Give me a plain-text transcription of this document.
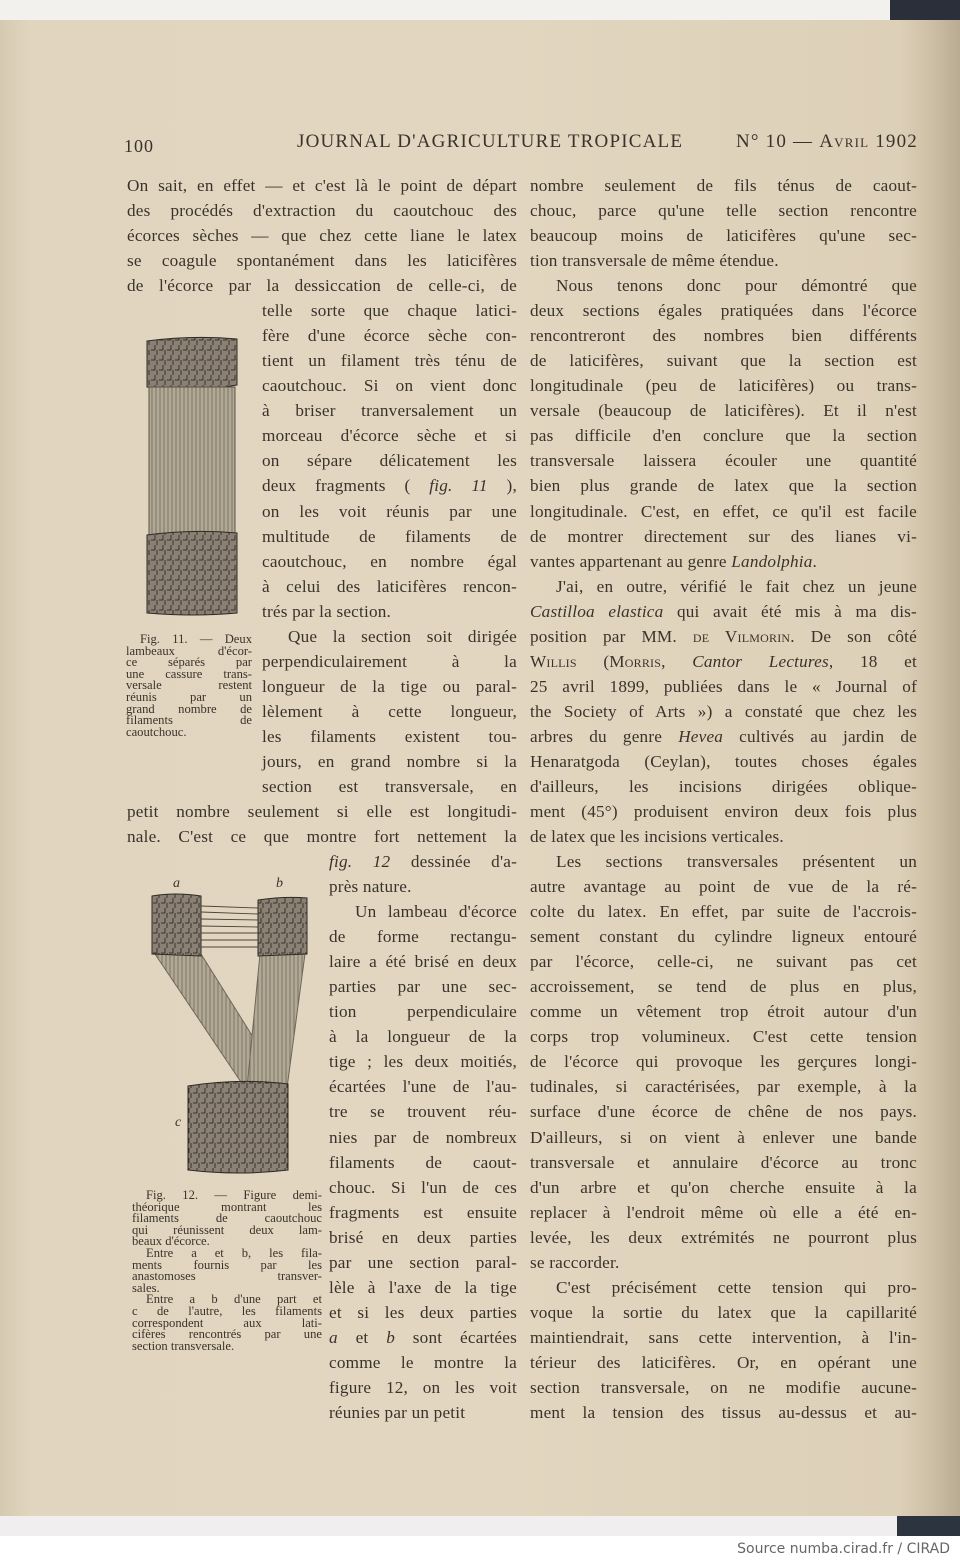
100	JOURNAL D'AGRICULTURE TROPICALE	N° 10 — Avril 1902
On sait, en effet — et c'est là le point de départ
des procédés d'extraction du caoutchouc des
écorces sèches — que chez cette liane le latex
se coagule spontanément dans les laticifères
de l'écorce par la dessiccation de celle-ci, de
telle sorte que chaque latici-
fère d'une écorce sèche con-
tient un filament très ténu de
caoutchouc. Si on vient donc
à briser tranversalement un
morceau d'écorce sèche et si
on sépare délicatement les
deux fragments ( fig. 11 ),
on les voit réunis par une
multitude de filaments de
caoutchouc, en nombre égal
à celui des laticifères rencon-
trés par la section.
Que la section soit dirigée
perpendiculairement à la
longueur de la tige ou paral-
lèlement à cette longueur,
les filaments existent tou-
jours, en grand nombre si la
section est transversale, en
petit nombre seulement si elle est longitudi-
nale. C'est ce que montre fort nettement la
fig. 12 dessinée d'a-
près nature.
Un lambeau d'écorce
de forme rectangu-
laire a été brisé en deux
parties par une sec-
tion perpendiculaire
à la longueur de la
tige ; les deux moitiés,
écartées l'une de l'au-
tre se trouvent réu-
nies par de nombreux
filaments de caout-
chouc. Si l'un de ces
fragments est ensuite
brisé en deux parties
par une section paral-
lèle à l'axe de la tige
et si les deux parties
a et b sont écartées
comme le montre la
figure 12, on les voit
réunies par un petit
nombre seulement de fils ténus de caout-
chouc, parce qu'une telle section rencontre
beaucoup moins de laticifères qu'une sec-
tion transversale de même étendue.
Nous tenons donc pour démontré que
deux sections égales pratiquées dans l'écorce
rencontreront des nombres bien différents
de laticifères, suivant que la section est
longitudinale (peu de laticifères) ou trans-
versale (beaucoup de laticifères). Et il n'est
pas difficile d'en conclure que la section
transversale laissera écouler une quantité
bien plus grande de latex que la section
longitudinale. C'est, en effet, ce qu'il est facile
de montrer directement sur des lianes vi-
vantes appartenant au genre Landolphia.
J'ai, en outre, vérifié le fait chez un jeune
Castilloa elastica qui avait été mis à ma dis-
position par MM. de Vilmorin. De son côté
Willis (Morris, Cantor Lectures, 18 et
25 avril 1899, publiées dans le « Journal of
the Society of Arts ») a constaté que chez les
arbres du genre Hevea cultivés au jardin de
Henaratgoda (Ceylan), toutes choses égales
d'ailleurs, les incisions dirigées oblique-
ment (45°) produisent environ deux fois plus
de latex que les incisions verticales.
Les sections transversales présentent un
autre avantage au point de vue de la ré-
colte du latex. En effet, par suite de l'accrois-
sement constant du cylindre ligneux entouré
par l'écorce, celle-ci, ne suivant pas cet
accroissement, se tend de plus en plus,
comme un vêtement trop étroit autour d'un
corps trop volumineux. C'est cette tension
de l'écorce qui provoque les gerçures longi-
tudinales, si caractérisées, par exemple, à la
surface d'une écorce de chêne de nos pays.
D'ailleurs, si on vient à enlever une bande
transversale et annulaire d'écorce au tronc
d'un arbre et qu'on cherche ensuite à la
replacer à l'endroit même où elle a été en-
levée, les deux extrémités ne pourront plus
se raccorder.
C'est précisément cette tension qui pro-
voque la sortie du latex que la capillarité
maintiendrait, sans cette intervention, à l'in-
térieur des laticifères. Or, en opérant une
section transversale, on ne modifie aucune-
ment la tension des tissus au-dessus et au-
Fig. 11. — Deux
lambeaux d'écor-
ce séparés par
une cassure trans-
versale restent
réunis par un
grand nombre de
filaments de
caoutchouc.
a	b
c
Fig. 12. — Figure demi-
théorique montrant les
filaments de caoutchouc
qui réunissent deux lam-
beaux d'écorce.
Entre a et b, les fila-
ments fournis par les
anastomoses transver-
sales.
Entre a b d'une part et
c de l'autre, les filaments
correspondent aux lati-
cifères rencontrés par une
section transversale.
Source numba.cirad.fr / CIRAD
